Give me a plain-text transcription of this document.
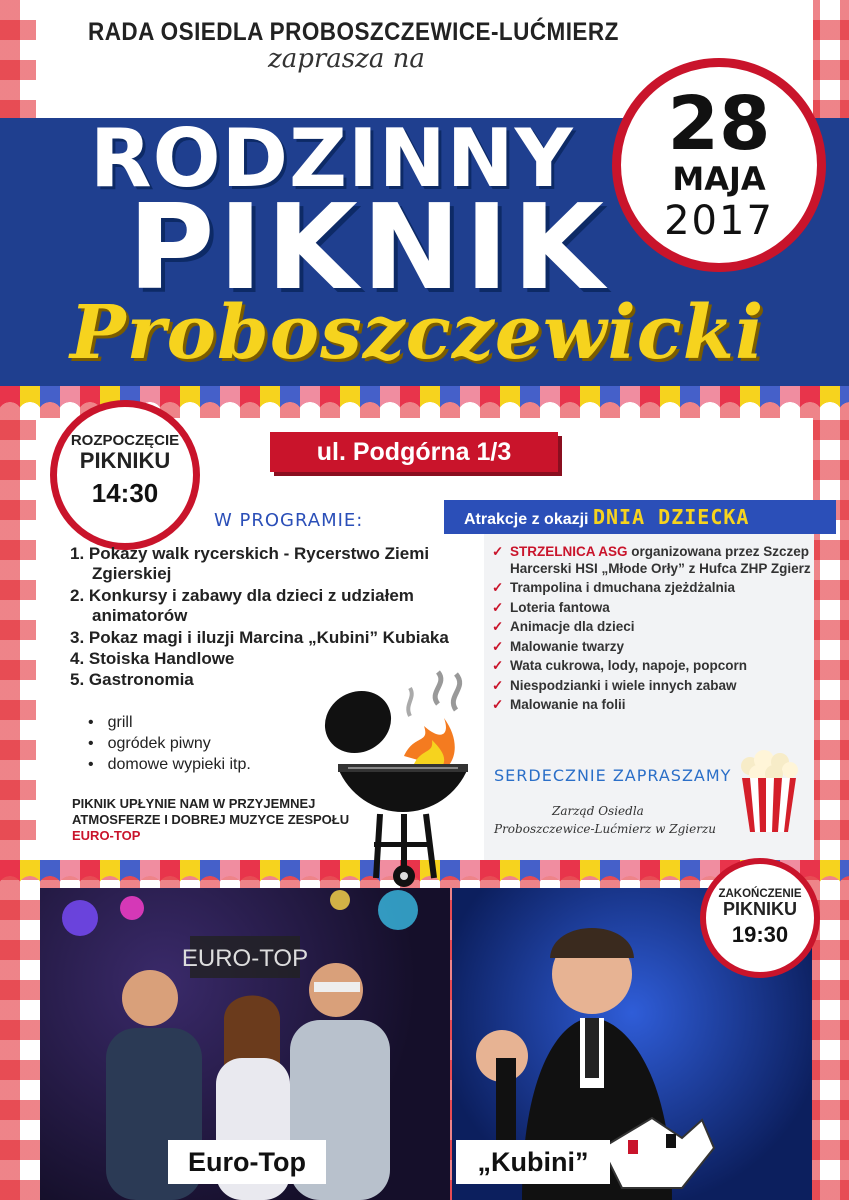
RADA OSIEDLA PROBOSZCZEWICE-LUĆMIERZ
zaprasza na
RODZINNY
PIKNIK
Proboszczewicki
28
MAJA
2017
ROZPOCZĘCIE
PIKNIKU
14:30
ul. Podgórna 1/3
W PROGRAMIE:
1. Pokazy walk rycerskich - Rycerstwo Ziemi Zgierskiej
2. Konkursy i zabawy dla dzieci z udziałem animatorów
3. Pokaz magi i iluzji Marcina „Kubini” Kubiaka
4. Stoiska Handlowe
5. Gastronomia
• grill
• ogródek piwny
• domowe wypieki itp.
PIKNIK UPŁYNIE NAM W PRZYJEMNEJ ATMOSFERZE I DOBREJ MUZYCE ZESPOŁU EURO-TOP
Atrakcje z okazji DNIA DZIECKA
✓ STRZELNICA ASG organizowana przez Szczep Harcerski HSI „Młode Orły” z Hufca ZHP Zgierz
✓ Trampolina i dmuchana zjeżdżalnia
✓ Loteria fantowa
✓ Animacje dla dzieci
✓ Malowanie twarzy
✓ Wata cukrowa, lody, napoje, popcorn
✓ Niespodzianki i wiele innych zabaw
✓ Malowanie na folii
SERDECZNIE ZAPRASZAMY
Zarząd Osiedla
Proboszczewice-Lućmierz w Zgierzu
EURO-TOP
ZAKOŃCZENIE
PIKNIKU
19:30
Euro-Top	„Kubini”
